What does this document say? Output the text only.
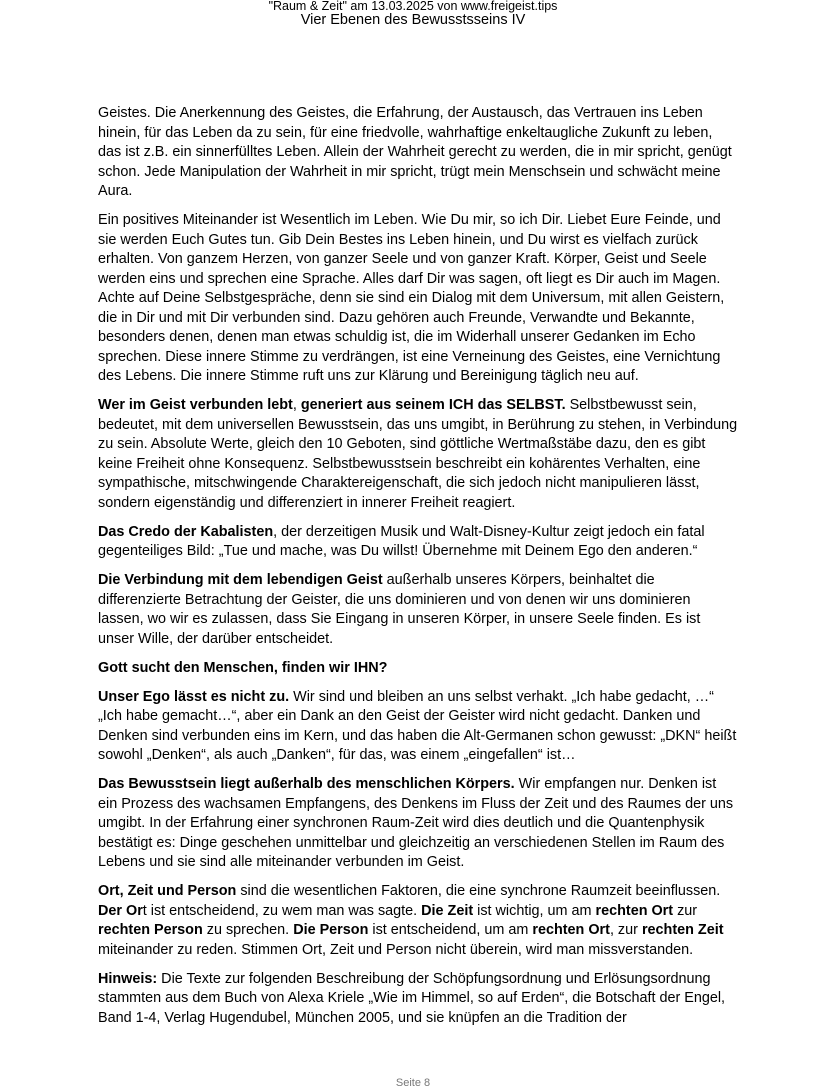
"Raum & Zeit" am 13.03.2025 von www.freigeist.tips
Vier Ebenen des Bewusstsseins IV

Geistes. Die Anerkennung des Geistes, die Erfahrung, der Austausch, das Vertrauen ins Leben hinein, für das Leben da zu sein, für eine friedvolle, wahrhaftige enkeltaugliche Zukunft zu leben, das ist z.B. ein sinnerfülltes Leben. Allein der Wahrheit gerecht zu werden, die in mir spricht, genügt schon. Jede Manipulation der Wahrheit in mir spricht, trügt mein Menschsein und schwächt meine Aura.

Ein positives Miteinander ist Wesentlich im Leben. Wie Du mir, so ich Dir. Liebet Eure Feinde, und sie werden Euch Gutes tun. Gib Dein Bestes ins Leben hinein, und Du wirst es vielfach zurück erhalten. Von ganzem Herzen, von ganzer Seele und von ganzer Kraft. Körper, Geist und Seele werden eins und sprechen eine Sprache. Alles darf Dir was sagen, oft liegt es Dir auch im Magen. Achte auf Deine Selbstgespräche, denn sie sind ein Dialog mit dem Universum, mit allen Geistern, die in Dir und mit Dir verbunden sind. Dazu gehören auch Freunde, Verwandte und Bekannte, besonders denen, denen man etwas schuldig ist, die im Widerhall unserer Gedanken im Echo sprechen. Diese innere Stimme zu verdrängen, ist eine Verneinung des Geistes, eine Vernichtung des Lebens. Die innere Stimme ruft uns zur Klärung und Bereinigung täglich neu auf.

Wer im Geist verbunden lebt, generiert aus seinem ICH das SELBST. Selbstbewusst sein, bedeutet, mit dem universellen Bewusstsein, das uns umgibt, in Berührung zu stehen, in Verbindung zu sein. Absolute Werte, gleich den 10 Geboten, sind göttliche Wertmaßstäbe dazu, den es gibt keine Freiheit ohne Konsequenz. Selbstbewusstsein beschreibt ein kohärentes Verhalten, eine sympathische, mitschwingende Charaktereigenschaft, die sich jedoch nicht manipulieren lässt, sondern eigenständig und differenziert in innerer Freiheit reagiert.

Das Credo der Kabalisten, der derzeitigen Musik und Walt-Disney-Kultur zeigt jedoch ein fatal gegenteiliges Bild: „Tue und mache, was Du willst! Übernehme mit Deinem Ego den anderen.“

Die Verbindung mit dem lebendigen Geist außerhalb unseres Körpers, beinhaltet die differenzierte Betrachtung der Geister, die uns dominieren und von denen wir uns dominieren lassen, wo wir es zulassen, dass Sie Eingang in unseren Körper, in unsere Seele finden. Es ist unser Wille, der darüber entscheidet.

Gott sucht den Menschen, finden wir IHN?

Unser Ego lässt es nicht zu. Wir sind und bleiben an uns selbst verhakt. „Ich habe gedacht, …“ „Ich habe gemacht…“, aber ein Dank an den Geist der Geister wird nicht gedacht. Danken und Denken sind verbunden eins im Kern, und das haben die Alt-Germanen schon gewusst: „DKN“ heißt sowohl „Denken“, als auch „Danken“, für das, was einem „eingefallen“ ist…

Das Bewusstsein liegt außerhalb des menschlichen Körpers. Wir empfangen nur. Denken ist ein Prozess des wachsamen Empfangens, des Denkens im Fluss der Zeit und des Raumes der uns umgibt. In der Erfahrung einer synchronen Raum-Zeit wird dies deutlich und die Quantenphysik bestätigt es: Dinge geschehen unmittelbar und gleichzeitig an verschiedenen Stellen im Raum des Lebens und sie sind alle miteinander verbunden im Geist.

Ort, Zeit und Person sind die wesentlichen Faktoren, die eine synchrone Raumzeit beeinflussen. Der Ort ist entscheidend, zu wem man was sagte. Die Zeit ist wichtig, um am rechten Ort zur rechten Person zu sprechen. Die Person ist entscheidend, um am rechten Ort, zur rechten Zeit miteinander zu reden. Stimmen Ort, Zeit und Person nicht überein, wird man missverstanden.

Hinweis: Die Texte zur folgenden Beschreibung der Schöpfungsordnung und Erlösungsordnung stammten aus dem Buch von Alexa Kriele „Wie im Himmel, so auf Erden“, die Botschaft der Engel, Band 1-4, Verlag Hugendubel, München 2005, und sie knüpfen an die Tradition der

Seite 8
